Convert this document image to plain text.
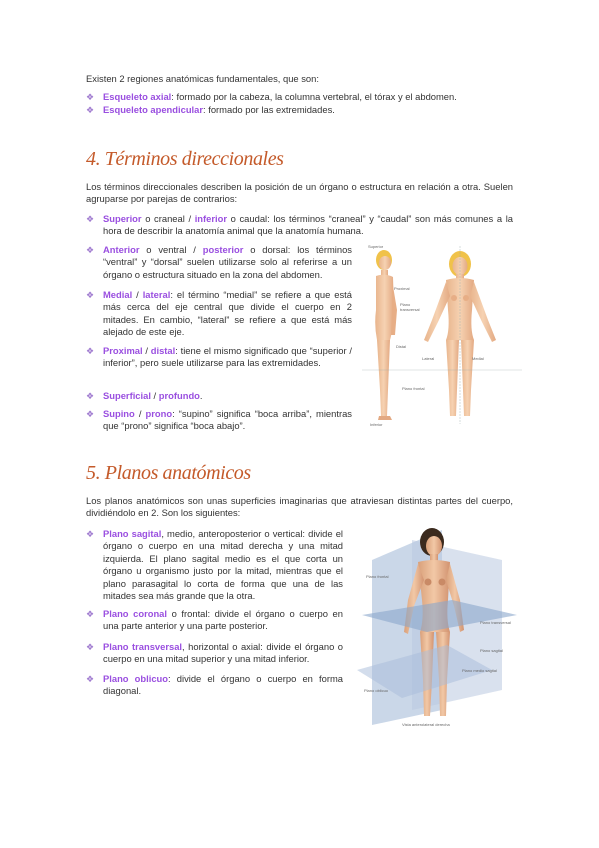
Existen 2 regiones anatómicas fundamentales, que son:
❖ Esqueleto axial: formado por la cabeza, la columna vertebral, el tórax y el abdomen.
❖ Esqueleto apendicular: formado por las extremidades.
4. Términos direccionales
Los términos direccionales describen la posición de un órgano o estructura en relación a otra. Suelen agruparse por parejas de contrarios:
❖ Superior o craneal / inferior o caudal: los términos “craneal” y “caudal” son más comunes a la hora de describir la anatomía animal que la anatomía humana.
❖ Anterior o ventral / posterior o dorsal: los términos “ventral” y “dorsal” suelen utilizarse solo al referirse a un órgano o estructura situado en la zona del abdomen.
❖ Medial / lateral: el término “medial” se refiere a que está más cerca del eje central que divide el cuerpo en 2 mitades. En cambio, “lateral” se refiere a que está más alejado de este eje.
❖ Proximal / distal: tiene el mismo significado que “superior / inferior”, pero suele utilizarse para las extremidades.
❖ Superficial / profundo.
❖ Supino / prono: “supino” significa “boca arriba”, mientras que “prono” significa “boca abajo”.
Superior
Proximal
Plano
transversal
Lateral	Medial
Distal
Plano frontal
Inferior
5. Planos anatómicos
Los planos anatómicos son unas superficies imaginarias que atraviesan distintas partes del cuerpo, dividiéndolo en 2. Son los siguientes:
❖ Plano sagital, medio, anteroposterior o vertical: divide el órgano o cuerpo en una mitad derecha y una mitad izquierda. El plano sagital medio es el que corta un órgano u organismo justo por la mitad, mientras que el plano parasagital lo corta de forma que una de las mitades sea más grande que la otra.
❖ Plano coronal o frontal: divide el órgano o cuerpo en una parte anterior y una parte posterior.
❖ Plano transversal, horizontal o axial: divide el órgano o cuerpo en una mitad superior y una mitad inferior.
❖ Plano oblicuo: divide el órgano o cuerpo en forma diagonal.
Plano frontal
Plano transversal
Plano sagital
Plano medio sagital
Plano oblicuo
Vista anterolateral derecha
